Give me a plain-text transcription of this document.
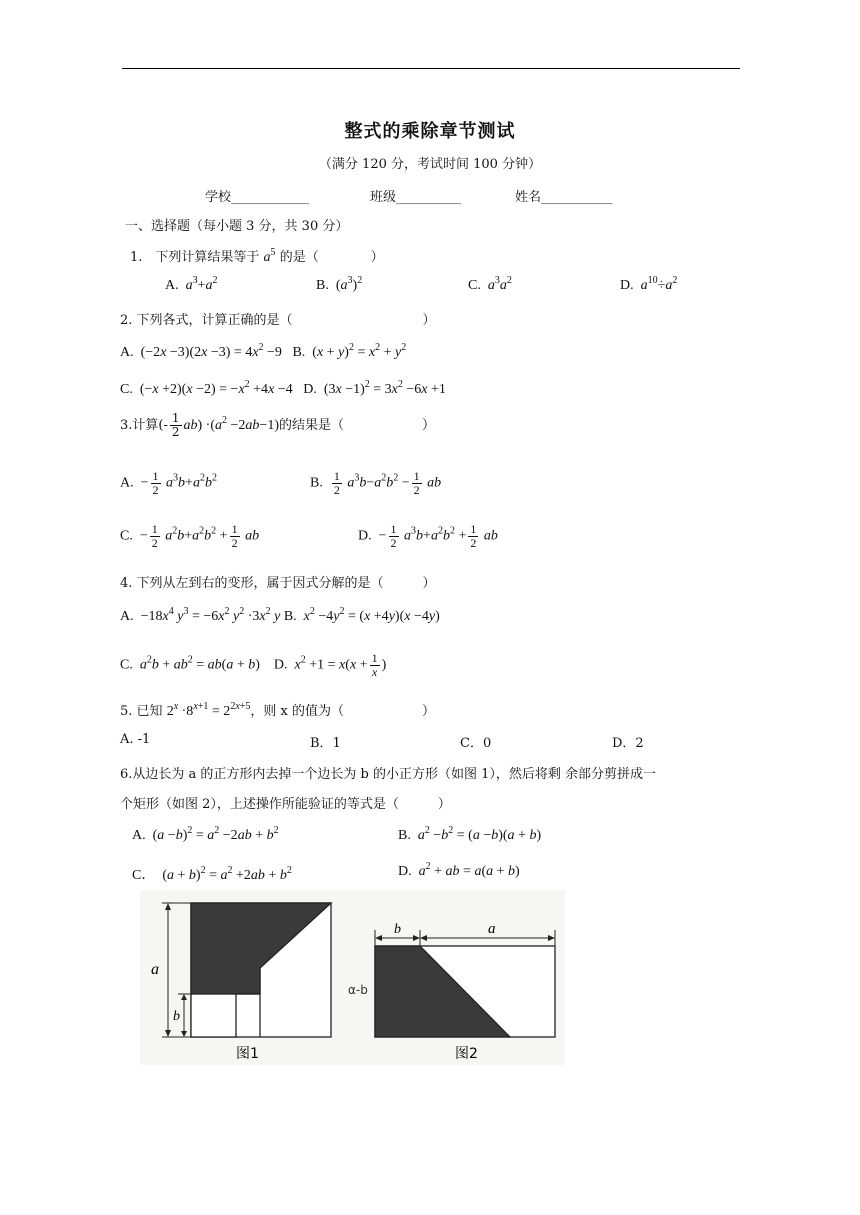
整式的乘除章节测试
（满分 120 分，考试时间 100 分钟）
学校____________	班级__________	姓名___________
一、选择题（每小题 3 分，共 30 分）
1.　下列计算结果等于 $a^5$ 的是（　　　　）
A. $a^3+a^2$	B.  $(a^3)^2$	C. $a^3a^2$	D. $a^{10}\div a^2$
2. 下列各式，计算正确的是（　　　　　　　　　　）
A.  $(-2x -3)(2x -3) = 4x^2 -9$   B.  $(x + y)^2 = x^2 + y^2$
C.  $(-x +2)(x -2) = -x^2 +4x -4$   D.  $(3x -1)^2 = 3x^2 -6x +1$
3.计算(- $\frac{1}{2} ab) \cdot(a^2 -2ab-1)$的结果是（　　　　　　）
A.  − $\frac{1}{2} a^3b+a^2b^2$	B. $\frac{1}{2} a^3b-a^2b^2 - \frac{1}{2}$ ab
C.  − $\frac{1}{2} a^2b+a^2b^2 + \frac{1}{2}$ ab	D.  − $\frac{1}{2} a^3b+a^2b^2 + \frac{1}{2}$ ab
4. 下列从左到右的变形，属于因式分解的是（　　　）
A.  $-18x^4$ $y^3 = -6x^2$ $y^2 \cdot 3x^2$ y B. $x^2 -4y^2 = (x +4y)(x -4y)$
C. $a^2b + ab^2 = ab(a + b)$    D. $x^2 +1 = x(x + \frac{1}{x}$ )
5. 已知 $2^x \cdot 8^{x+1} = 2^{2x+5}$，则 x 的值为（　　　　　　）
A. -1	B．1	C．0	D．2
6.从边长为 a 的正方形内去掉一个边长为 b 的小正方形（如图 1），然后将剩 余部分剪拼成一
个矩形（如图 2），上述操作所能验证的等式是（　　　）
A.  $(a -b)^2 = a^2 -2ab + b^2$	B. $a^2 -b^2 = (a -b)(a + b)$
C．  $(a + b)^2 = a^2 +2ab + b^2$	D. $a^2$ + ab = a(a + b)
a
b
图1
b	a
α-b
图2
